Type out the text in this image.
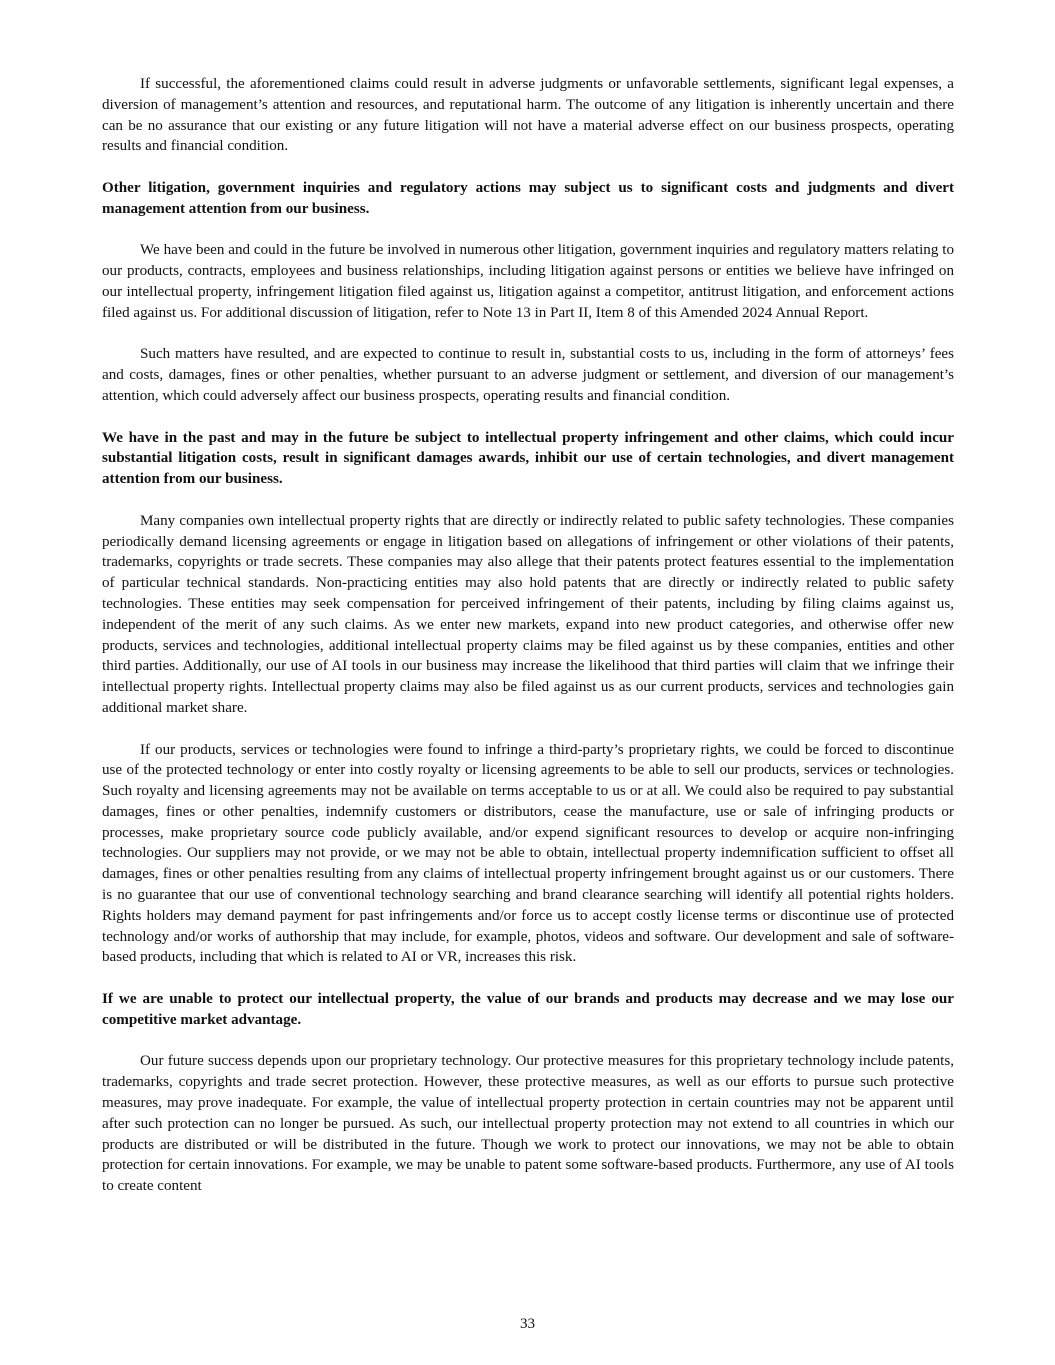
If successful, the aforementioned claims could result in adverse judgments or unfavorable settlements, significant legal expenses, a diversion of management’s attention and resources, and reputational harm. The outcome of any litigation is inherently uncertain and there can be no assurance that our existing or any future litigation will not have a material adverse effect on our business prospects, operating results and financial condition.

Other litigation, government inquiries and regulatory actions may subject us to significant costs and judgments and divert management attention from our business.

We have been and could in the future be involved in numerous other litigation, government inquiries and regulatory matters relating to our products, contracts, employees and business relationships, including litigation against persons or entities we believe have infringed on our intellectual property, infringement litigation filed against us, litigation against a competitor, antitrust litigation, and enforcement actions filed against us. For additional discussion of litigation, refer to Note 13 in Part II, Item 8 of this Amended 2024 Annual Report.

Such matters have resulted, and are expected to continue to result in, substantial costs to us, including in the form of attorneys’ fees and costs, damages, fines or other penalties, whether pursuant to an adverse judgment or settlement, and diversion of our management’s attention, which could adversely affect our business prospects, operating results and financial condition.

We have in the past and may in the future be subject to intellectual property infringement and other claims, which could incur substantial litigation costs, result in significant damages awards, inhibit our use of certain technologies, and divert management attention from our business.

Many companies own intellectual property rights that are directly or indirectly related to public safety technologies. These companies periodically demand licensing agreements or engage in litigation based on allegations of infringement or other violations of their patents, trademarks, copyrights or trade secrets. These companies may also allege that their patents protect features essential to the implementation of particular technical standards. Non-practicing entities may also hold patents that are directly or indirectly related to public safety technologies. These entities may seek compensation for perceived infringement of their patents, including by filing claims against us, independent of the merit of any such claims. As we enter new markets, expand into new product categories, and otherwise offer new products, services and technologies, additional intellectual property claims may be filed against us by these companies, entities and other third parties. Additionally, our use of AI tools in our business may increase the likelihood that third parties will claim that we infringe their intellectual property rights. Intellectual property claims may also be filed against us as our current products, services and technologies gain additional market share.

If our products, services or technologies were found to infringe a third-party’s proprietary rights, we could be forced to discontinue use of the protected technology or enter into costly royalty or licensing agreements to be able to sell our products, services or technologies. Such royalty and licensing agreements may not be available on terms acceptable to us or at all. We could also be required to pay substantial damages, fines or other penalties, indemnify customers or distributors, cease the manufacture, use or sale of infringing products or processes, make proprietary source code publicly available, and/or expend significant resources to develop or acquire non-infringing technologies. Our suppliers may not provide, or we may not be able to obtain, intellectual property indemnification sufficient to offset all damages, fines or other penalties resulting from any claims of intellectual property infringement brought against us or our customers. There is no guarantee that our use of conventional technology searching and brand clearance searching will identify all potential rights holders. Rights holders may demand payment for past infringements and/or force us to accept costly license terms or discontinue use of protected technology and/or works of authorship that may include, for example, photos, videos and software. Our development and sale of software-based products, including that which is related to AI or VR, increases this risk.

If we are unable to protect our intellectual property, the value of our brands and products may decrease and we may lose our competitive market advantage.

Our future success depends upon our proprietary technology. Our protective measures for this proprietary technology include patents, trademarks, copyrights and trade secret protection. However, these protective measures, as well as our efforts to pursue such protective measures, may prove inadequate. For example, the value of intellectual property protection in certain countries may not be apparent until after such protection can no longer be pursued. As such, our intellectual property protection may not extend to all countries in which our products are distributed or will be distributed in the future. Though we work to protect our innovations, we may not be able to obtain protection for certain innovations. For example, we may be unable to patent some software-based products. Furthermore, any use of AI tools to create content

33
